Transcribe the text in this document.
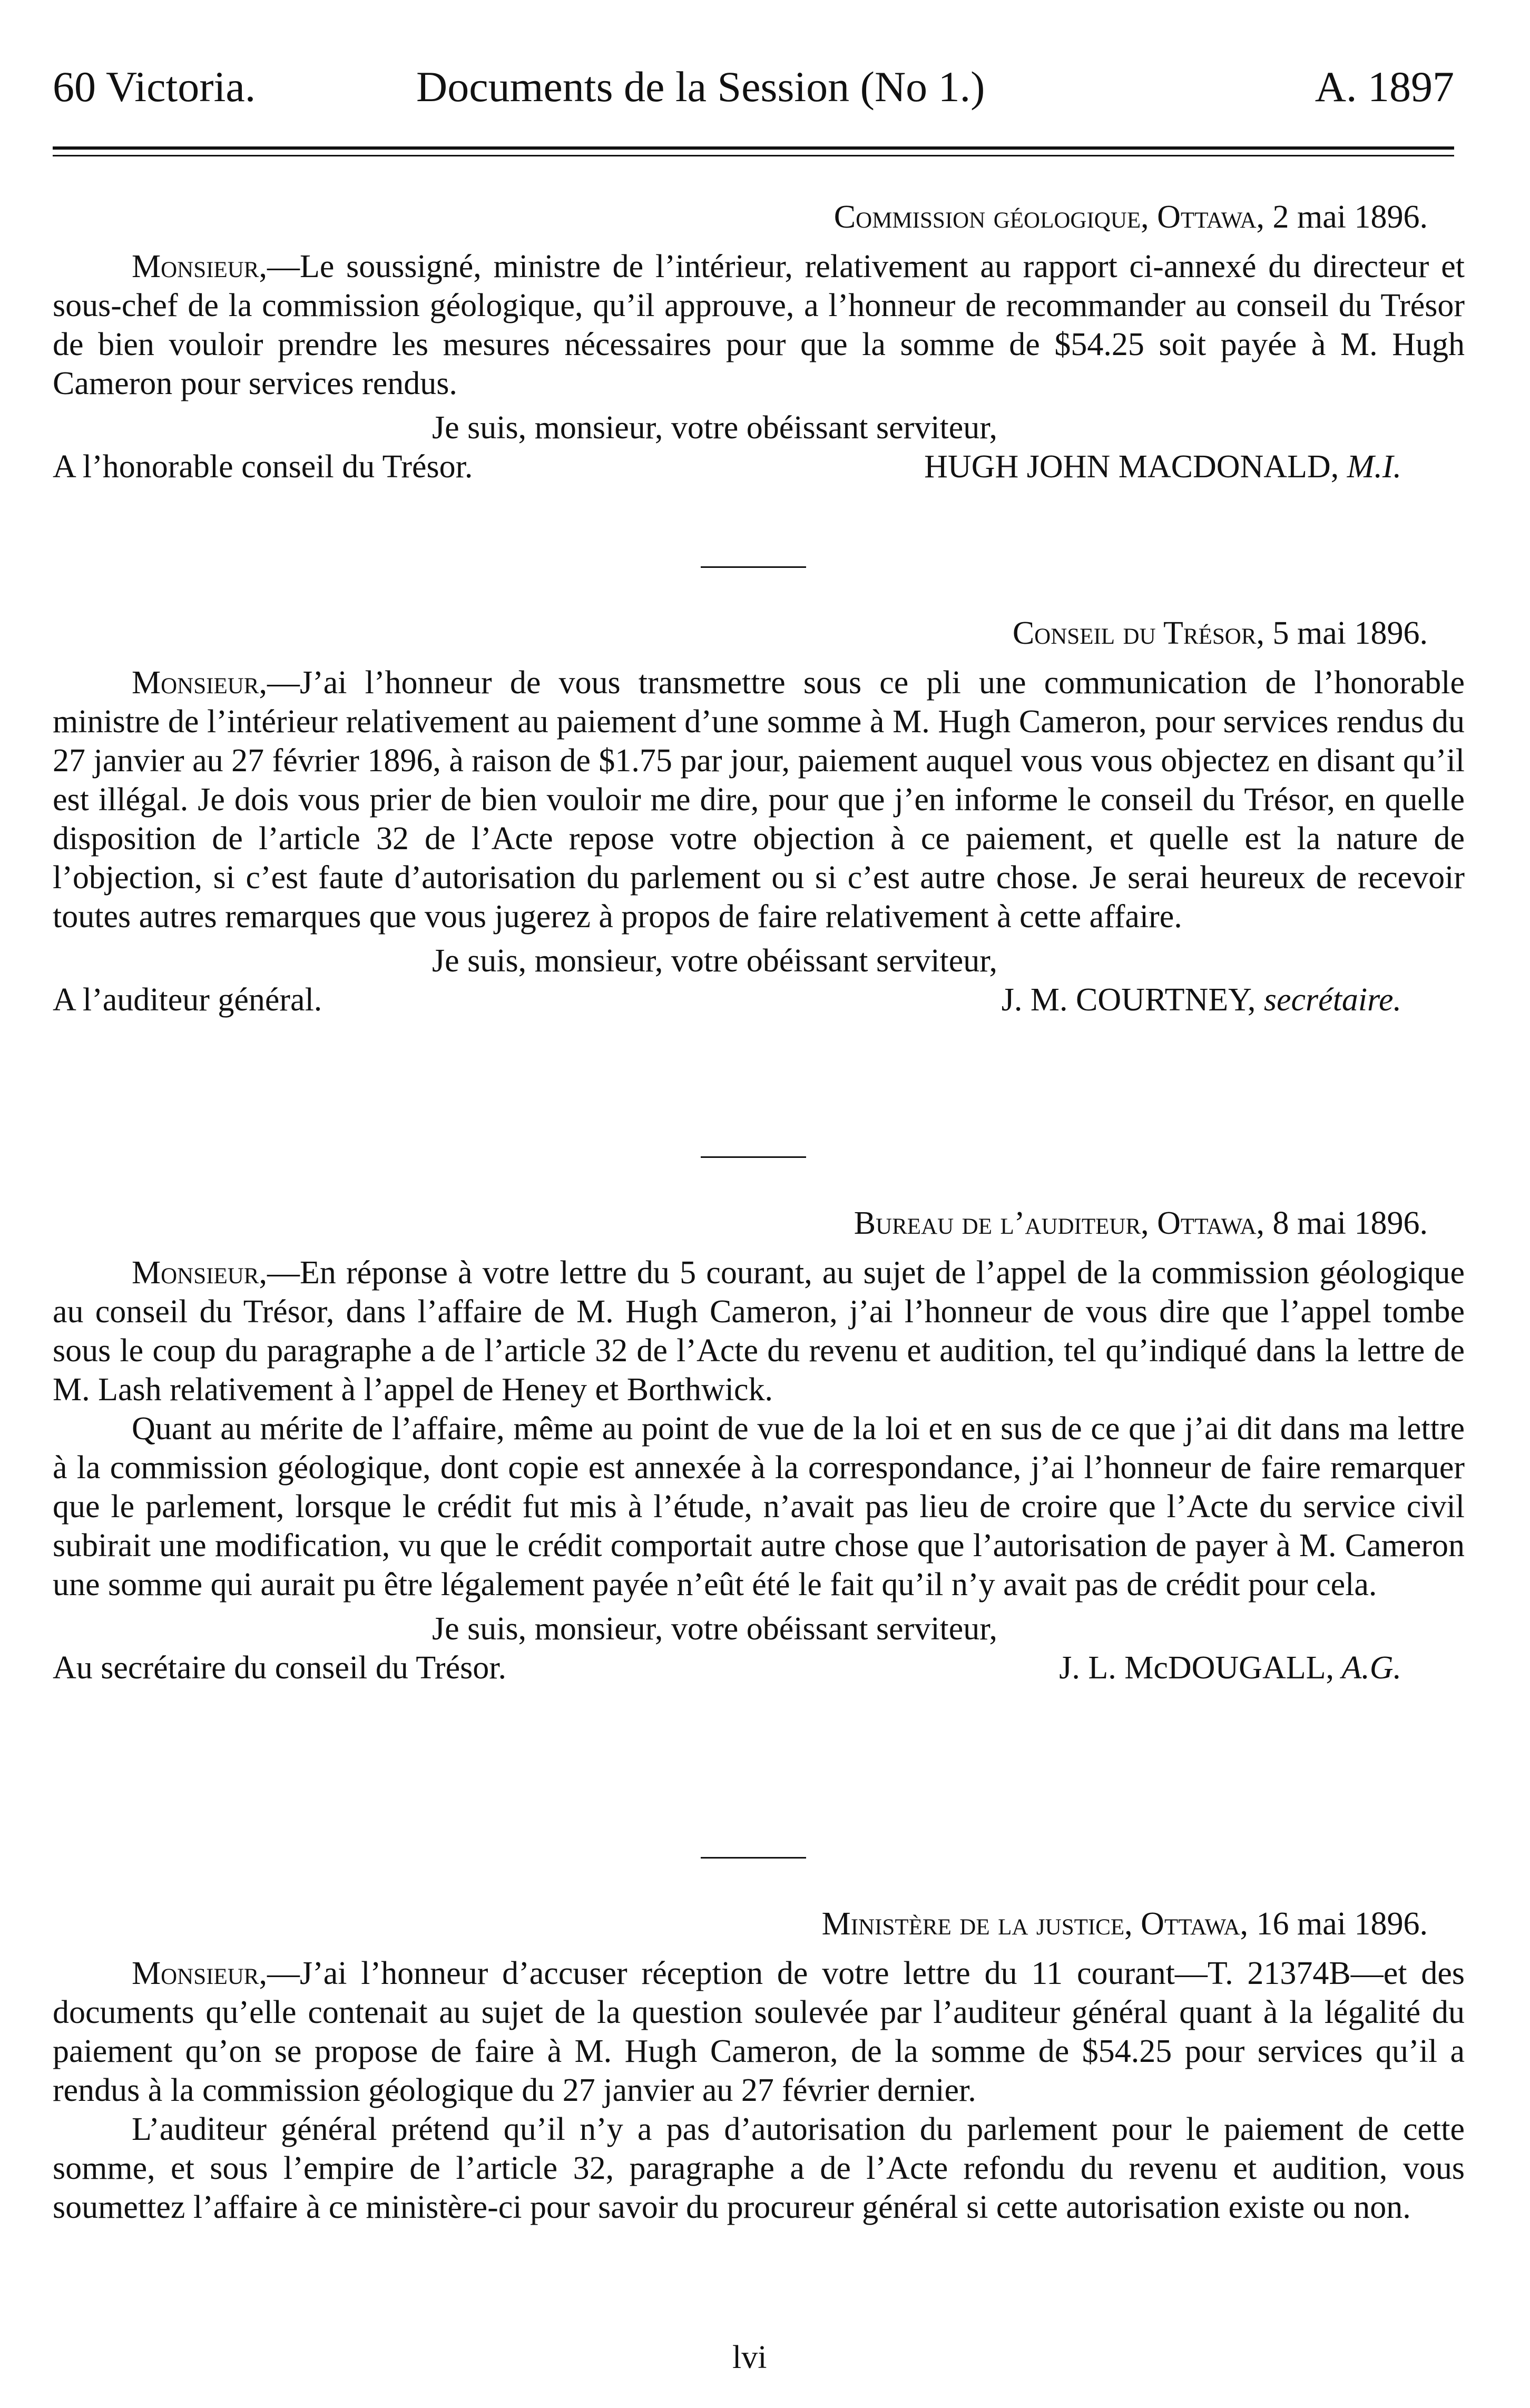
60 Victoria.	Documents de la Session (No 1.)	A. 1897
Commission géologique, Ottawa, 2 mai 1896.

Monsieur,—Le soussigné, ministre de l’intérieur, relativement au rapport ci-annexé du directeur et sous-chef de la commission géologique, qu’il approuve, a l’honneur de recommander au conseil du Trésor de bien vouloir prendre les mesures nécessaires pour que la somme de $54.25 soit payée à M. Hugh Cameron pour services rendus.

Je suis, monsieur, votre obéissant serviteur,

A l’honorable conseil du Trésor.	HUGH JOHN MACDONALD, M.I.
Conseil du Trésor, 5 mai 1896.

Monsieur,—J’ai l’honneur de vous transmettre sous ce pli une communication de l’honorable ministre de l’intérieur relativement au paiement d’une somme à M. Hugh Cameron, pour services rendus du 27 janvier au 27 février 1896, à raison de $1.75 par jour, paiement auquel vous vous objectez en disant qu’il est illégal. Je dois vous prier de bien vouloir me dire, pour que j’en informe le conseil du Trésor, en quelle disposition de l’article 32 de l’Acte repose votre objection à ce paiement, et quelle est la nature de l’objection, si c’est faute d’autorisation du parlement ou si c’est autre chose. Je serai heureux de recevoir toutes autres remarques que vous jugerez à propos de faire relativement à cette affaire.

Je suis, monsieur, votre obéissant serviteur,

A l’auditeur général.	J. M. COURTNEY, secrétaire.
Bureau de l’auditeur, Ottawa, 8 mai 1896.

Monsieur,—En réponse à votre lettre du 5 courant, au sujet de l’appel de la commission géologique au conseil du Trésor, dans l’affaire de M. Hugh Cameron, j’ai l’honneur de vous dire que l’appel tombe sous le coup du paragraphe a de l’article 32 de l’Acte du revenu et audition, tel qu’indiqué dans la lettre de M. Lash relativement à l’appel de Heney et Borthwick.

Quant au mérite de l’affaire, même au point de vue de la loi et en sus de ce que j’ai dit dans ma lettre à la commission géologique, dont copie est annexée à la correspondance, j’ai l’honneur de faire remarquer que le parlement, lorsque le crédit fut mis à l’étude, n’avait pas lieu de croire que l’Acte du service civil subirait une modification, vu que le crédit comportait autre chose que l’autorisation de payer à M. Cameron une somme qui aurait pu être légalement payée n’eût été le fait qu’il n’y avait pas de crédit pour cela.

Je suis, monsieur, votre obéissant serviteur,

Au secrétaire du conseil du Trésor.	J. L. McDOUGALL, A.G.
Ministère de la justice, Ottawa, 16 mai 1896.

Monsieur,—J’ai l’honneur d’accuser réception de votre lettre du 11 courant—T. 21374B—et des documents qu’elle contenait au sujet de la question soulevée par l’auditeur général quant à la légalité du paiement qu’on se propose de faire à M. Hugh Cameron, de la somme de $54.25 pour services qu’il a rendus à la commission géologique du 27 janvier au 27 février dernier.

L’auditeur général prétend qu’il n’y a pas d’autorisation du parlement pour le paiement de cette somme, et sous l’empire de l’article 32, paragraphe a de l’Acte refondu du revenu et audition, vous soumettez l’affaire à ce ministère-ci pour savoir du procureur général si cette autorisation existe ou non.

lvi
